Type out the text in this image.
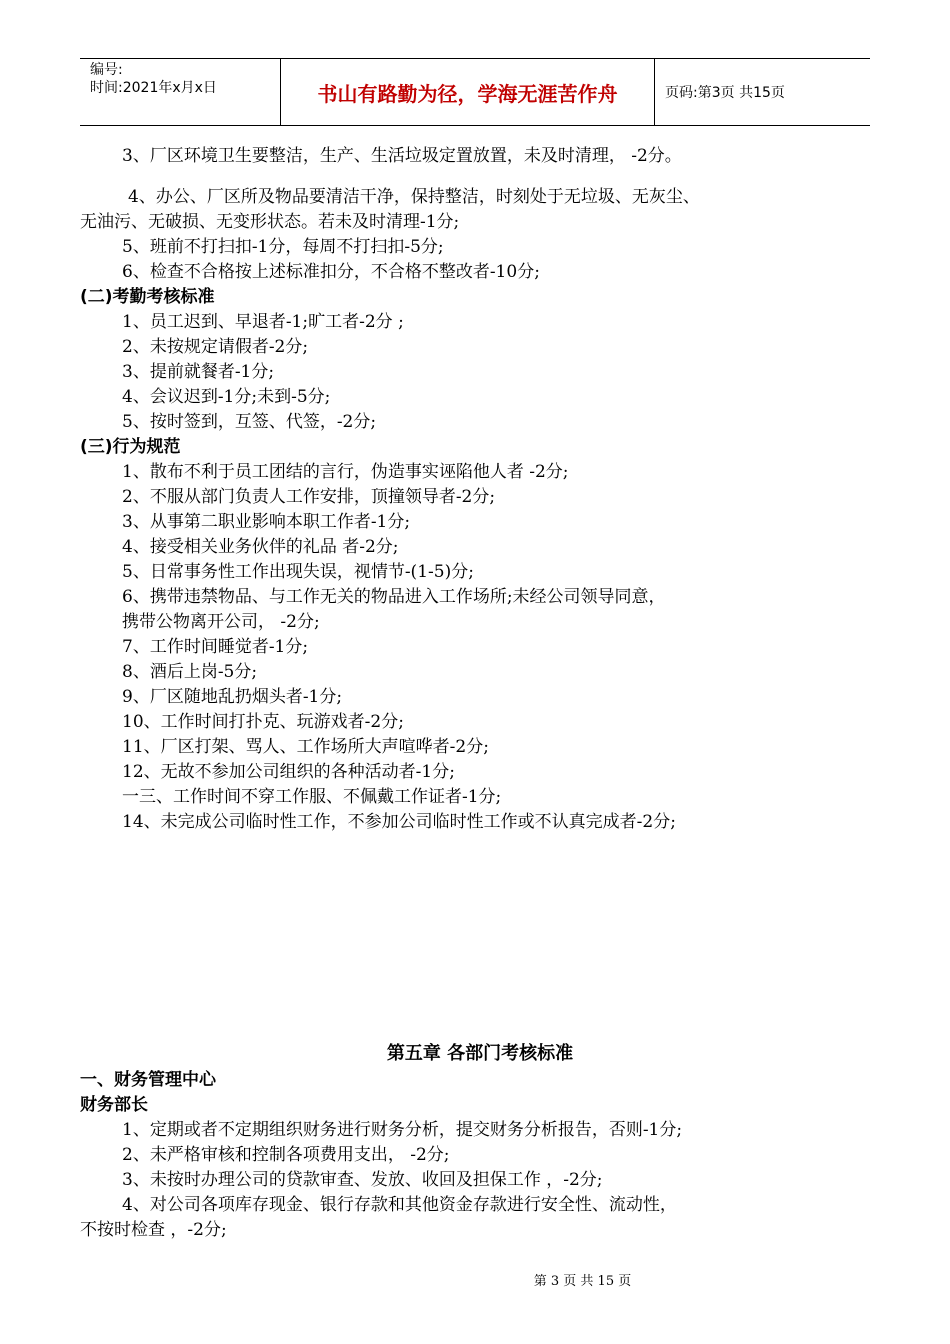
编号:
时间:2021年x月x日	书山有路勤为径，学海无涯苦作舟	页码:第3页 共15页
3、厂区环境卫生要整洁，生产、生活垃圾定置放置，未及时清理， -2分。
4、办公、厂区所及物品要清洁干净，保持整洁，时刻处于无垃圾、无灰尘、
无油污、无破损、无变形状态。若未及时清理-1分;
5、班前不打扫扣-1分，每周不打扫扣-5分;
6、检查不合格按上述标准扣分，不合格不整改者-10分;
(二)考勤考核标准
1、员工迟到、早退者-1;旷工者-2分 ;
2、未按规定请假者-2分;
3、提前就餐者-1分;
4、会议迟到-1分;未到-5分;
5、按时签到，互签、代签，-2分;
(三)行为规范
1、散布不利于员工团结的言行，伪造事实诬陷他人者 -2分;
2、不服从部门负责人工作安排，顶撞领导者-2分;
3、从事第二职业影响本职工作者-1分;
4、接受相关业务伙伴的礼品 者-2分;
5、日常事务性工作出现失误，视情节-(1-5)分;
6、携带违禁物品、与工作无关的物品进入工作场所;未经公司领导同意，
携带公物离开公司， -2分;
7、工作时间睡觉者-1分;
8、酒后上岗-5分;
9、厂区随地乱扔烟头者-1分;
10、工作时间打扑克、玩游戏者-2分;
11、厂区打架、骂人、工作场所大声喧哗者-2分;
12、无故不参加公司组织的各种活动者-1分;
一三、工作时间不穿工作服、不佩戴工作证者-1分;
14、未完成公司临时性工作，不参加公司临时性工作或不认真完成者-2分;
第五章 各部门考核标准
一、财务管理中心
财务部长
1、定期或者不定期组织财务进行财务分析，提交财务分析报告，否则-1分;
2、未严格审核和控制各项费用支出， -2分;
3、未按时办理公司的贷款审查、发放、收回及担保工作 ，-2分;
4、对公司各项库存现金、银行存款和其他资金存款进行安全性、流动性，
不按时检查 ，-2分;
第 3 页 共 15 页
